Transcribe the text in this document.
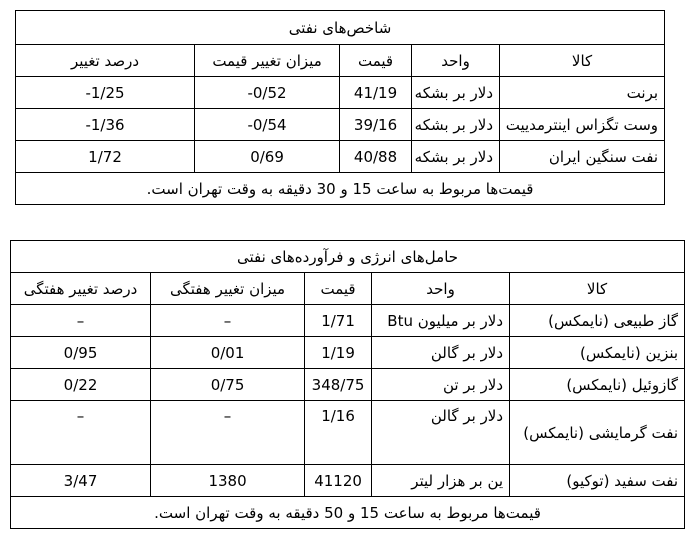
شاخص‌های نفتی				
کالا	واحد	قیمت	میزان تغییر قیمت	درصد تغییر
برنت	دلار بر بشکه	41/19	0/52-	1/25-
وست تگزاس اینترمدییت	دلار بر بشکه	39/16	0/54-	1/36-
نفت سنگین ایران	دلار بر بشکه	40/88	0/69	1/72
قیمت‌ها مربوط به ساعت 15 و 30 دقیقه به وقت تهران است.				
حامل‌های انرژی و فرآورده‌های نفتی				
کالا	واحد	قیمت	میزان تغییر هفتگی	درصد تغییر هفتگی
گاز طبیعی (نایمکس)	دلار بر میلیون Btu	1/71	–	–
بنزین (نایمکس)	دلار بر گالن	1/19	0/01	0/95
گازوئیل (نایمکس)	دلار بر تن	348/75	0/75	0/22
نفت گرمایشی (نایمکس)	دلار بر گالن	1/16	–	–
نفت سفید (توکیو)	ین بر هزار لیتر	41120	1380	3/47
قیمت‌ها مربوط به ساعت 15 و 50 دقیقه به وقت تهران است.				
